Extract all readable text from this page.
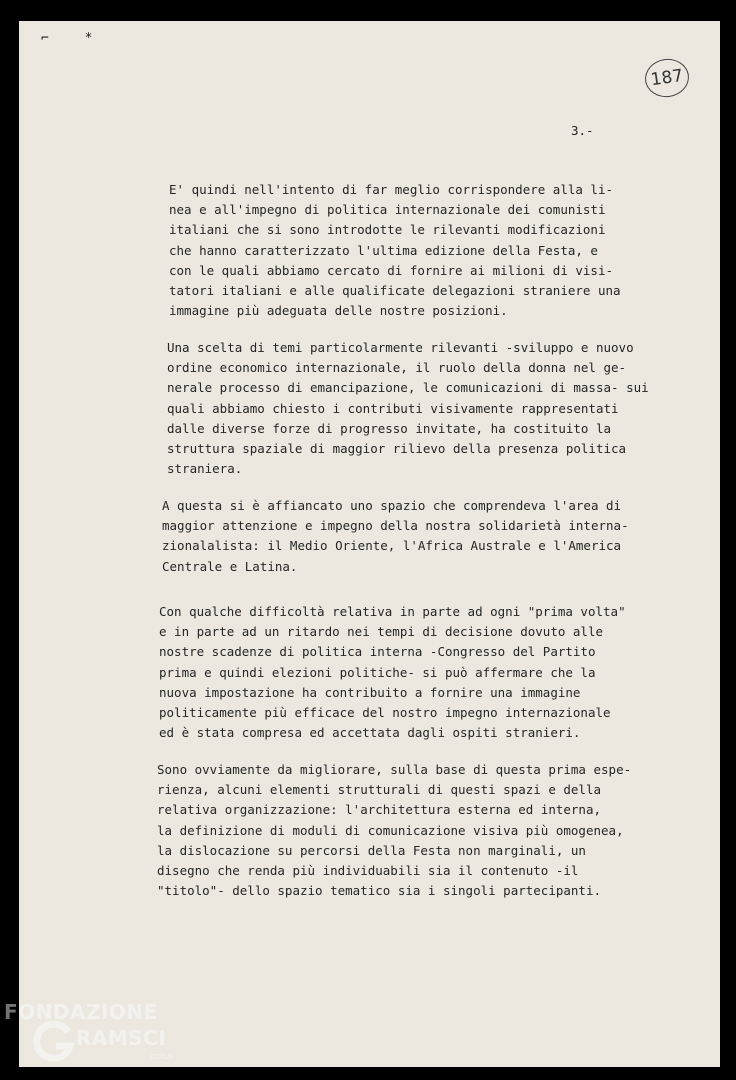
⌐ *
187
3.-

E' quindi nell'intento di far meglio corrispondere alla li-
nea e all'impegno di politica internazionale dei comunisti
italiani che si sono introdotte le rilevanti modificazioni
che hanno caratterizzato l'ultima edizione della Festa, e
con le quali abbiamo cercato di fornire ai milioni di visi-
tatori italiani e alle qualificate delegazioni straniere una
immagine più adeguata delle nostre posizioni.

Una scelta di temi particolarmente rilevanti -sviluppo e nuovo
ordine economico internazionale, il ruolo della donna nel ge-
nerale processo di emancipazione, le comunicazioni di massa- sui
quali abbiamo chiesto i contributi visivamente rappresentati
dalle diverse forze di progresso invitate, ha costituito la
struttura spaziale di maggior rilievo della presenza politica
straniera.

A questa si è affiancato uno spazio che comprendeva l'area di
maggior attenzione e impegno della nostra solidarietà interna-
zionalalista: il Medio Oriente, l'Africa Australe e l'America
Centrale e Latina.

Con qualche difficoltà relativa in parte ad ogni "prima volta"
e in parte ad un ritardo nei tempi di decisione dovuto alle
nostre scadenze di politica interna -Congresso del Partito
prima e quindi elezioni politiche- si può affermare che la
nuova impostazione ha contribuito a fornire una immagine
politicamente più efficace del nostro impegno internazionale
ed è stata compresa ed accettata dagli ospiti stranieri.

Sono ovviamente da migliorare, sulla base di questa prima espe-
rienza, alcuni elementi strutturali di questi spazi e della
relativa organizzazione: l'architettura esterna ed interna,
la definizione di moduli di comunicazione visiva più omogenea,
la dislocazione su percorsi della Festa non marginali, un
disegno che renda più individuabili sia il contenuto -il
"titolo"- dello spazio tematico sia i singoli partecipanti.

FONDAZIONE
RAMSCI
onlus
